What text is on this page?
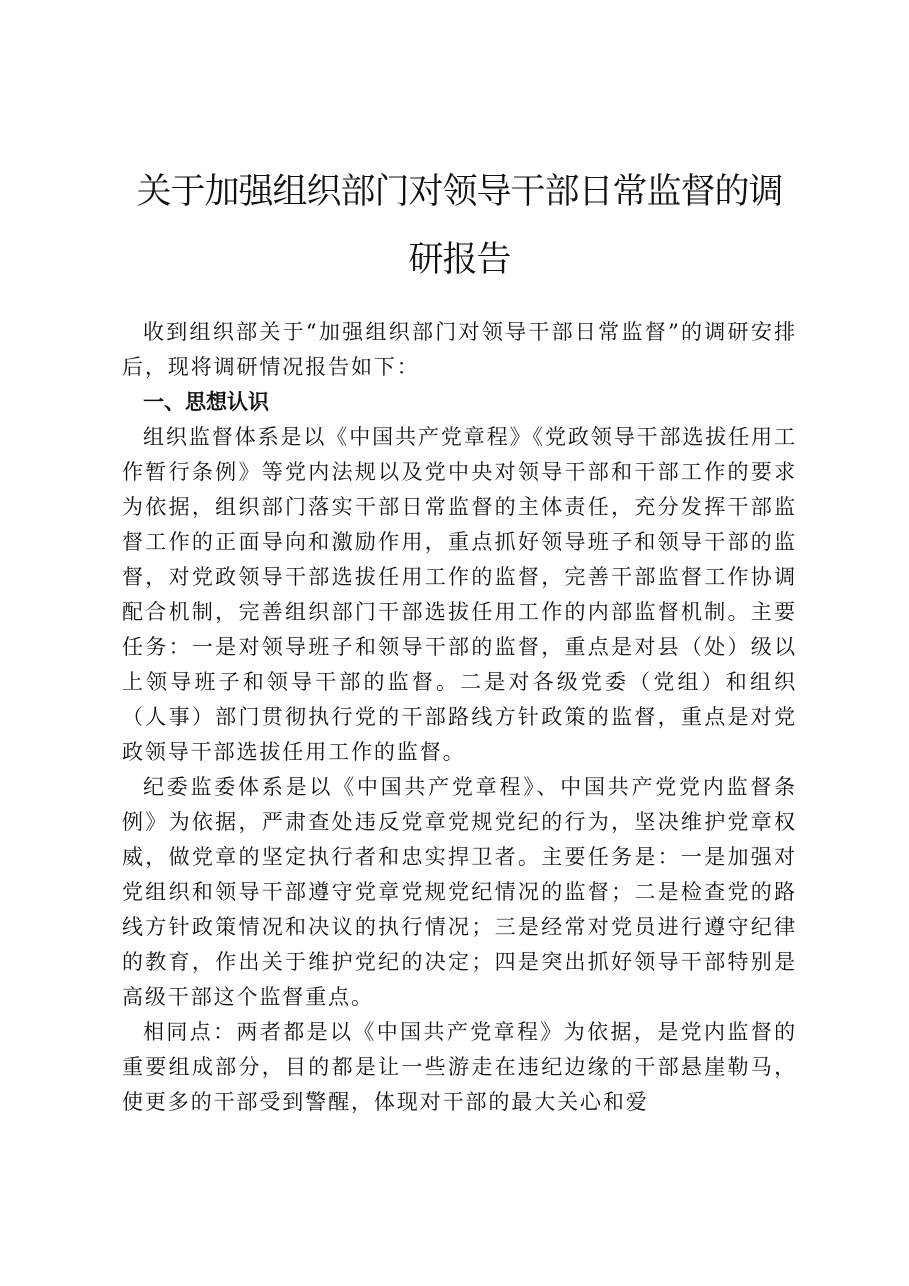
关于加强组织部门对领导干部日常监督的调研报告

收到组织部关于“加强组织部门对领导干部日常监督”的调研安排后，现将调研情况报告如下：

一、思想认识

组织监督体系是以《中国共产党章程》《党政领导干部选拔任用工作暂行条例》等党内法规以及党中央对领导干部和干部工作的要求为依据，组织部门落实干部日常监督的主体责任，充分发挥干部监督工作的正面导向和激励作用，重点抓好领导班子和领导干部的监督，对党政领导干部选拔任用工作的监督，完善干部监督工作协调配合机制，完善组织部门干部选拔任用工作的内部监督机制。主要任务：一是对领导班子和领导干部的监督，重点是对县（处）级以上领导班子和领导干部的监督。二是对各级党委（党组）和组织（人事）部门贯彻执行党的干部路线方针政策的监督，重点是对党政领导干部选拔任用工作的监督。

纪委监委体系是以《中国共产党章程》、中国共产党党内监督条例》为依据，严肃查处违反党章党规党纪的行为，坚决维护党章权威，做党章的坚定执行者和忠实捍卫者。主要任务是：一是加强对党组织和领导干部遵守党章党规党纪情况的监督；二是检查党的路线方针政策情况和决议的执行情况；三是经常对党员进行遵守纪律的教育，作出关于维护党纪的决定；四是突出抓好领导干部特别是高级干部这个监督重点。

相同点：两者都是以《中国共产党章程》为依据，是党内监督的重要组成部分，目的都是让一些游走在违纪边缘的干部悬崖勒马，使更多的干部受到警醒，体现对干部的最大关心和爱
